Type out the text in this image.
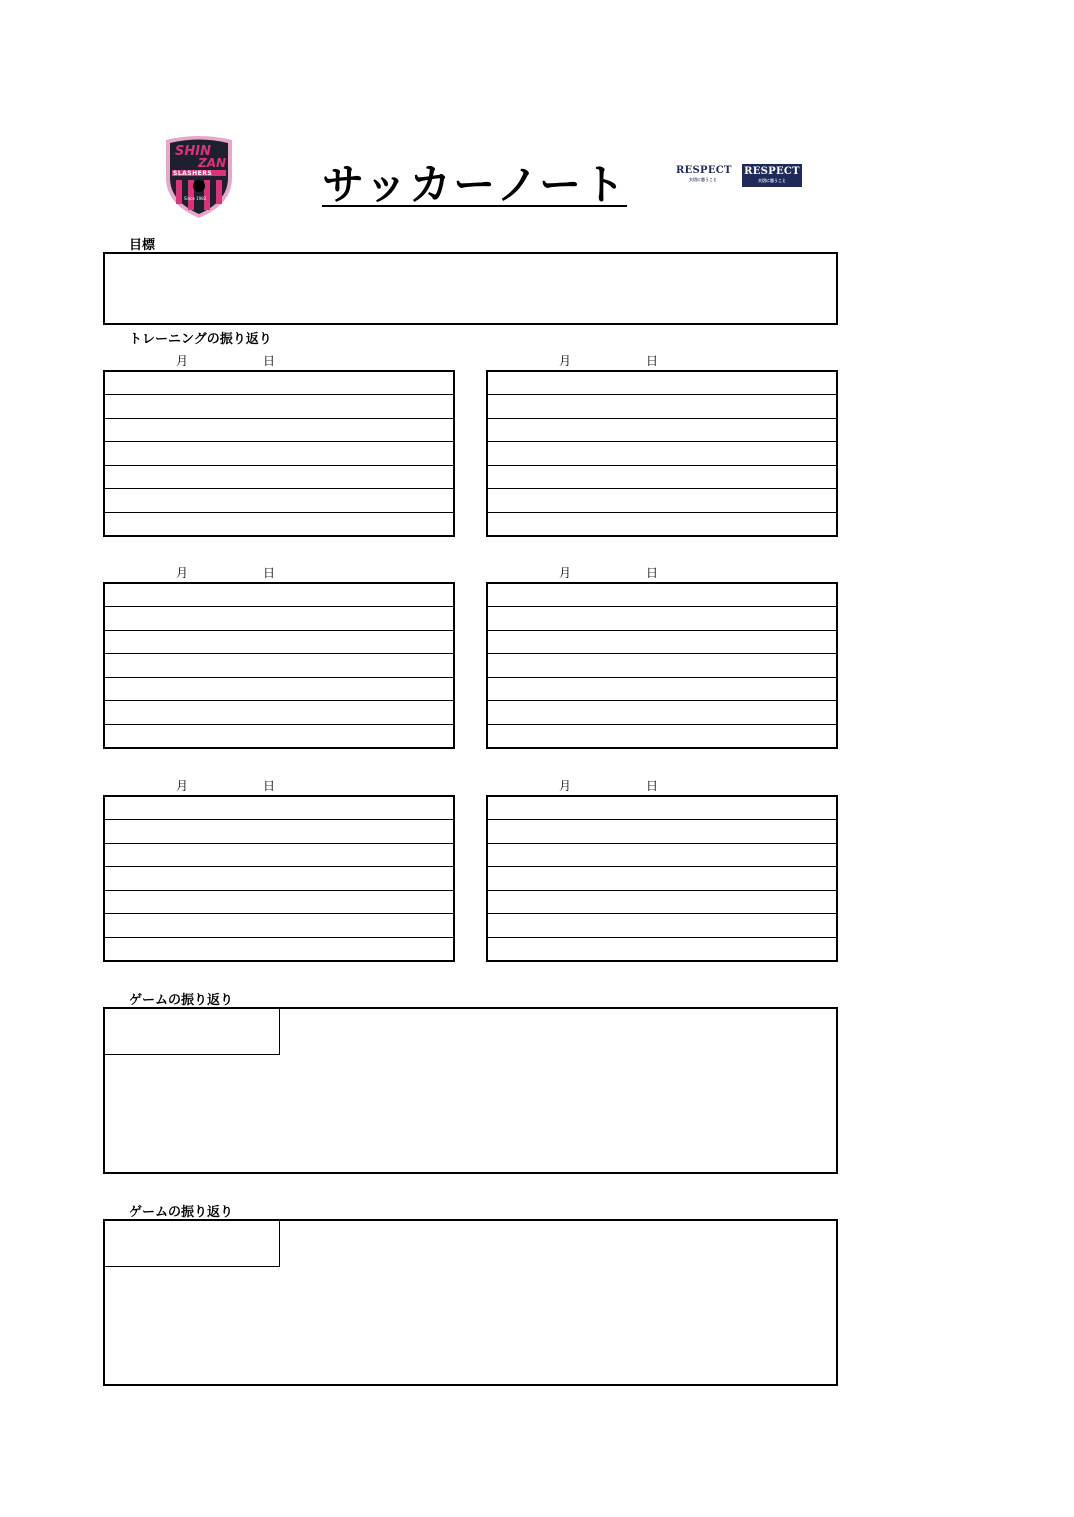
SHIN
ZAN
SLASHERS
Since 1982	サッカーノート	RESPECT
大切に思うこと
RESPECT
大切に思うこと
目標
トレーニングの振り返り
月	日	月	日
月	日	月	日
月	日	月	日
ゲームの振り返り
ゲームの振り返り
